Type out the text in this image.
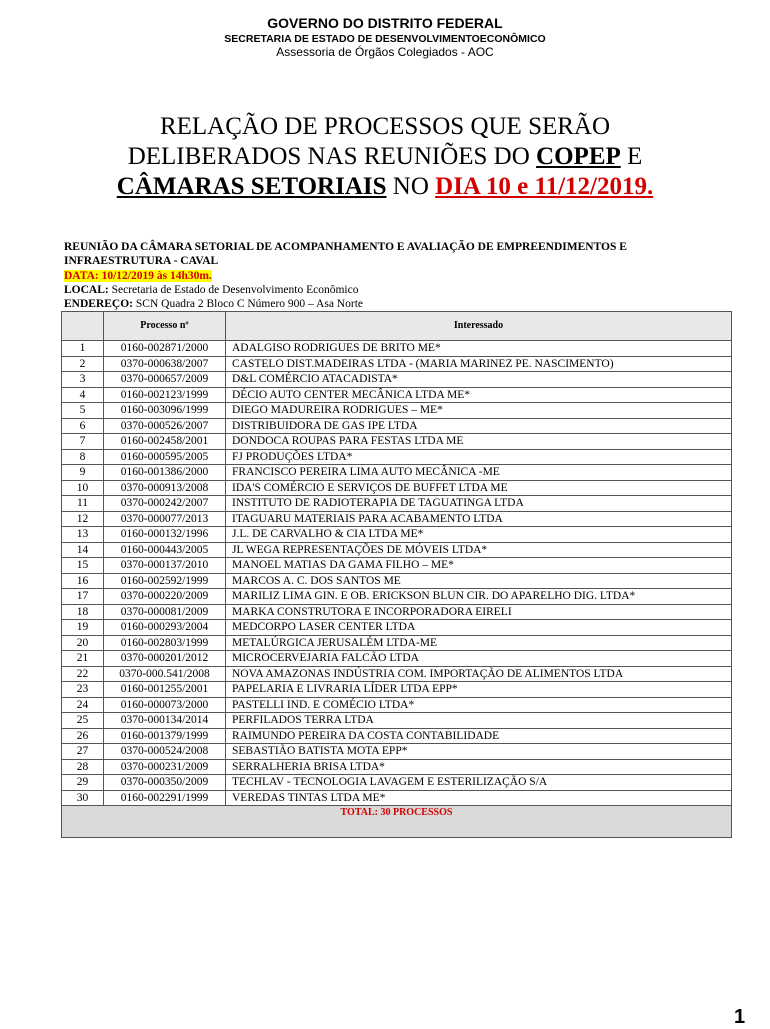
GOVERNO DO DISTRITO FEDERAL
SECRETARIA DE ESTADO DE DESENVOLVIMENTOECONÔMICO
Assessoria de Órgãos Colegiados - AOC
RELAÇÃO DE PROCESSOS QUE SERÃO
DELIBERADOS NAS REUNIÕES DO COPEP E
CÂMARAS SETORIAIS NO DIA 10 e 11/12/2019.
REUNIÃO DA CÂMARA SETORIAL DE ACOMPANHAMENTO E AVALIAÇÃO DE EMPREENDIMENTOS E INFRAESTRUTURA - CAVAL
DATA: 10/12/2019 às 14h30m.
LOCAL: Secretaria de Estado de Desenvolvimento Econômico
ENDEREÇO: SCN Quadra 2 Bloco C Número 900 – Asa Norte
	Processo nº	Interessado
1	0160-002871/2000	ADALGISO RODRIGUES DE BRITO ME*
2	0370-000638/2007	CASTELO DIST.MADEIRAS LTDA - (MARIA MARINEZ PE. NASCIMENTO)
3	0370-000657/2009	D&L COMÉRCIO ATACADISTA*
4	0160-002123/1999	DÉCIO AUTO CENTER MECÂNICA LTDA ME*
5	0160-003096/1999	DIEGO MADUREIRA RODRIGUES – ME*
6	0370-000526/2007	DISTRIBUIDORA DE GAS IPE LTDA
7	0160-002458/2001	DONDOCA ROUPAS PARA FESTAS LTDA ME
8	0160-000595/2005	FJ PRODUÇÕES LTDA*
9	0160-001386/2000	FRANCISCO PEREIRA LIMA AUTO MECÂNICA -ME
10	0370-000913/2008	IDA'S COMÉRCIO E SERVIÇOS DE BUFFET LTDA ME
11	0370-000242/2007	INSTITUTO DE RADIOTERAPIA DE TAGUATINGA LTDA
12	0370-000077/2013	ITAGUARU MATERIAIS PARA ACABAMENTO LTDA
13	0160-000132/1996	J.L. DE CARVALHO & CIA LTDA ME*
14	0160-000443/2005	JL WEGA REPRESENTAÇÕES DE MÓVEIS LTDA*
15	0370-000137/2010	MANOEL MATIAS DA GAMA FILHO – ME*
16	0160-002592/1999	MARCOS A. C. DOS SANTOS ME
17	0370-000220/2009	MARILIZ LIMA GIN. E OB. ERICKSON BLUN CIR. DO APARELHO DIG. LTDA*
18	0370-000081/2009	MARKA CONSTRUTORA E INCORPORADORA EIRELI
19	0160-000293/2004	MEDCORPO LASER CENTER LTDA
20	0160-002803/1999	METALÚRGICA JERUSALÉM LTDA-ME
21	0370-000201/2012	MICROCERVEJARIA FALCÃO LTDA
22	0370-000.541/2008	NOVA AMAZONAS INDÚSTRIA COM. IMPORTAÇÃO DE ALIMENTOS LTDA
23	0160-001255/2001	PAPELARIA E LIVRARIA LÍDER LTDA EPP*
24	0160-000073/2000	PASTELLI IND. E COMÉCIO LTDA*
25	0370-000134/2014	PERFILADOS TERRA LTDA
26	0160-001379/1999	RAIMUNDO PEREIRA DA COSTA CONTABILIDADE
27	0370-000524/2008	SEBASTIÃO BATISTA MOTA EPP*
28	0370-000231/2009	SERRALHERIA BRISA LTDA*
29	0370-000350/2009	TECHLAV - TECNOLOGIA LAVAGEM E ESTERILIZAÇÃO S/A
30	0160-002291/1999	VEREDAS TINTAS LTDA ME*
TOTAL: 30 PROCESSOS		
1
